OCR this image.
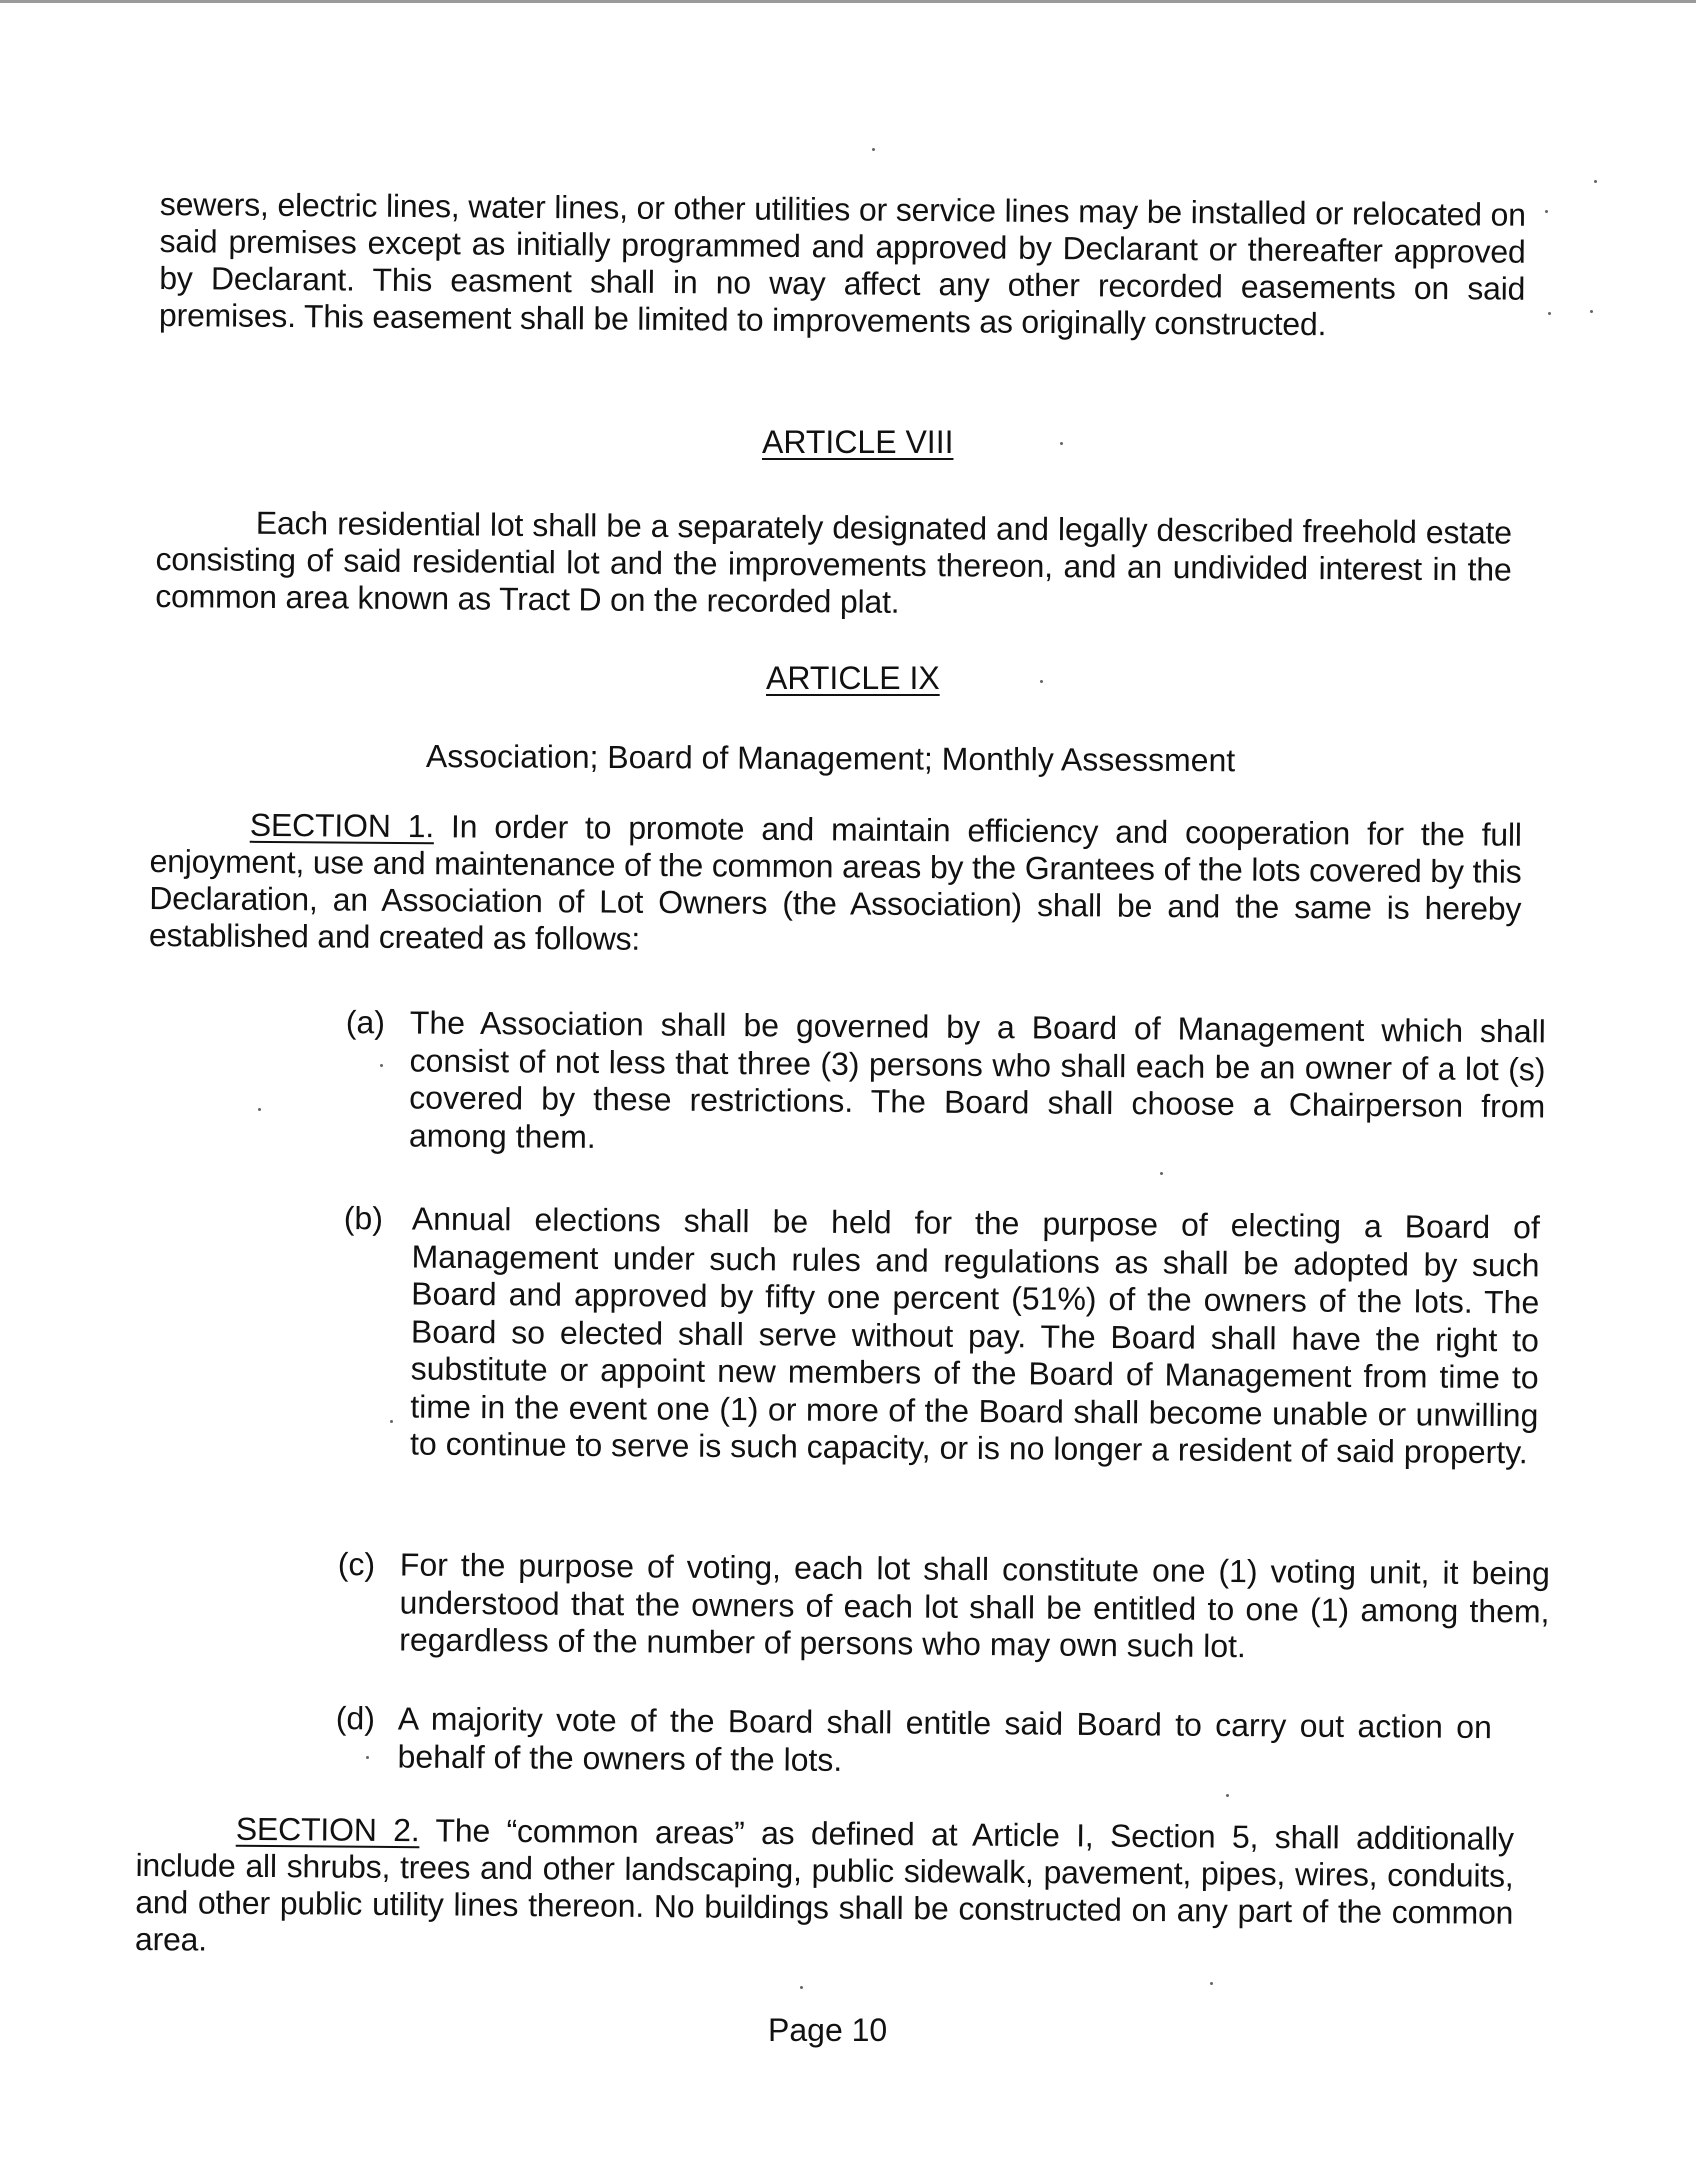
sewers, electric lines, water lines, or other utilities or service lines may be installed or relocated on said premises except as initially programmed and approved by Declarant or thereafter approved by Declarant. This easment shall in no way affect any other recorded easements on said premises. This easement shall be limited to improvements as originally constructed.
ARTICLE VIII
Each residential lot shall be a separately designated and legally described freehold estate consisting of said residential lot and the improvements thereon, and an undivided interest in the common area known as Tract D on the recorded plat.
ARTICLE IX
Association; Board of Management; Monthly Assessment
SECTION 1. In order to promote and maintain efficiency and cooperation for the full enjoyment, use and maintenance of the common areas by the Grantees of the lots covered by this Declaration, an Association of Lot Owners (the Association) shall be and the same is hereby established and created as follows:
(a) The Association shall be governed by a Board of Management which shall consist of not less that three (3) persons who shall each be an owner of a lot (s) covered by these restrictions. The Board shall choose a Chairperson from among them.
(b) Annual elections shall be held for the purpose of electing a Board of Management under such rules and regulations as shall be adopted by such Board and approved by fifty one percent (51%) of the owners of the lots. The Board so elected shall serve without pay. The Board shall have the right to substitute or appoint new members of the Board of Management from time to time in the event one (1) or more of the Board shall become unable or unwilling to continue to serve is such capacity, or is no longer a resident of said property.
(c) For the purpose of voting, each lot shall constitute one (1) voting unit, it being understood that the owners of each lot shall be entitled to one (1) among them, regardless of the number of persons who may own such lot.
(d) A majority vote of the Board shall entitle said Board to carry out action on behalf of the owners of the lots.
SECTION 2. The “common areas” as defined at Article I, Section 5, shall additionally include all shrubs, trees and other landscaping, public sidewalk, pavement, pipes, wires, conduits, and other public utility lines thereon. No buildings shall be constructed on any part of the common area.
Page 10
